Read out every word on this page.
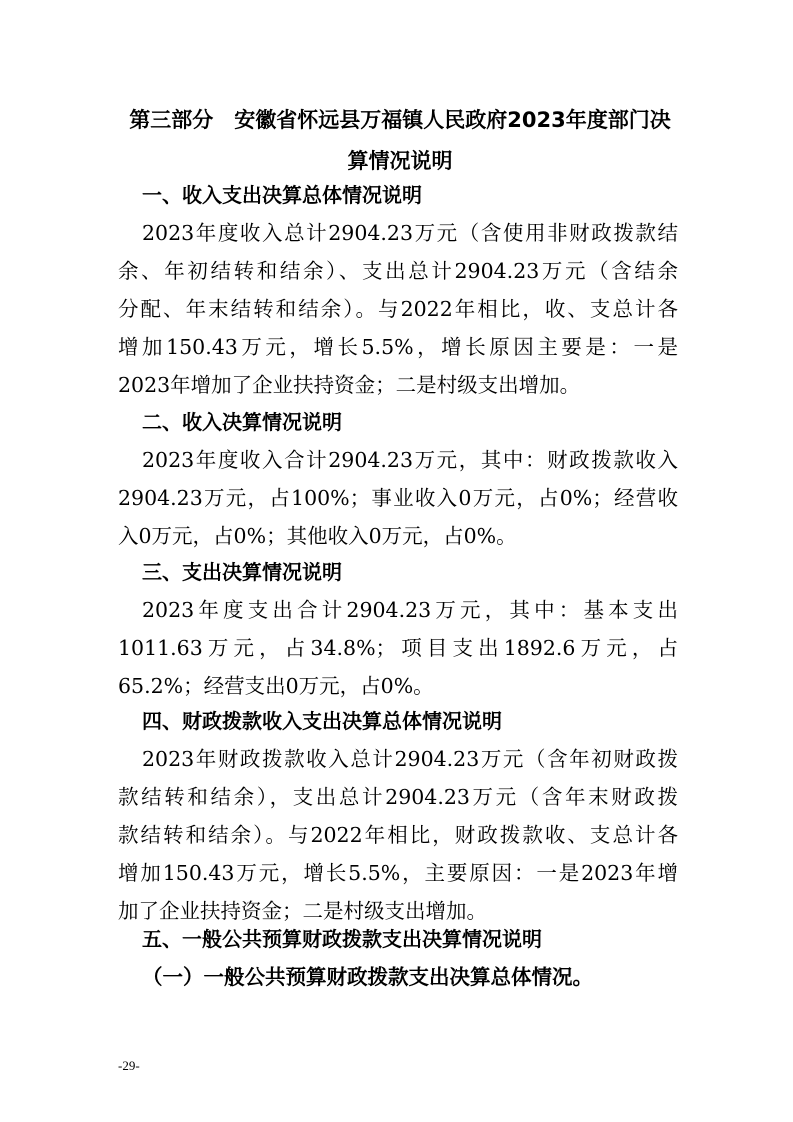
第三部分　安徽省怀远县万福镇人民政府2023年度部门决
算情况说明
一、收入支出决算总体情况说明
2023年度收入总计2904.23万元（含使用非财政拨款结
余、年初结转和结余）、支出总计2904.23万元（含结余
分配、年末结转和结余）。与2022年相比，收、支总计各
增加150.43万元，增长5.5%，增长原因主要是：一是
2023年增加了企业扶持资金；二是村级支出增加。
二、收入决算情况说明
2023年度收入合计2904.23万元，其中：财政拨款收入
2904.23万元，占100%；事业收入0万元，占0%；经营收
入0万元，占0%；其他收入0万元，占0%。
三、支出决算情况说明
2023年度支出合计2904.23万元，其中：基本支出
1011.63万元，占34.8%；项目支出1892.6万元，占
65.2%；经营支出0万元，占0%。
四、财政拨款收入支出决算总体情况说明
2023年财政拨款收入总计2904.23万元（含年初财政拨
款结转和结余），支出总计2904.23万元（含年末财政拨
款结转和结余）。与2022年相比，财政拨款收、支总计各
增加150.43万元，增长5.5%，主要原因：一是2023年增
加了企业扶持资金；二是村级支出增加。
五、一般公共预算财政拨款支出决算情况说明
（一）一般公共预算财政拨款支出决算总体情况。
-29-
